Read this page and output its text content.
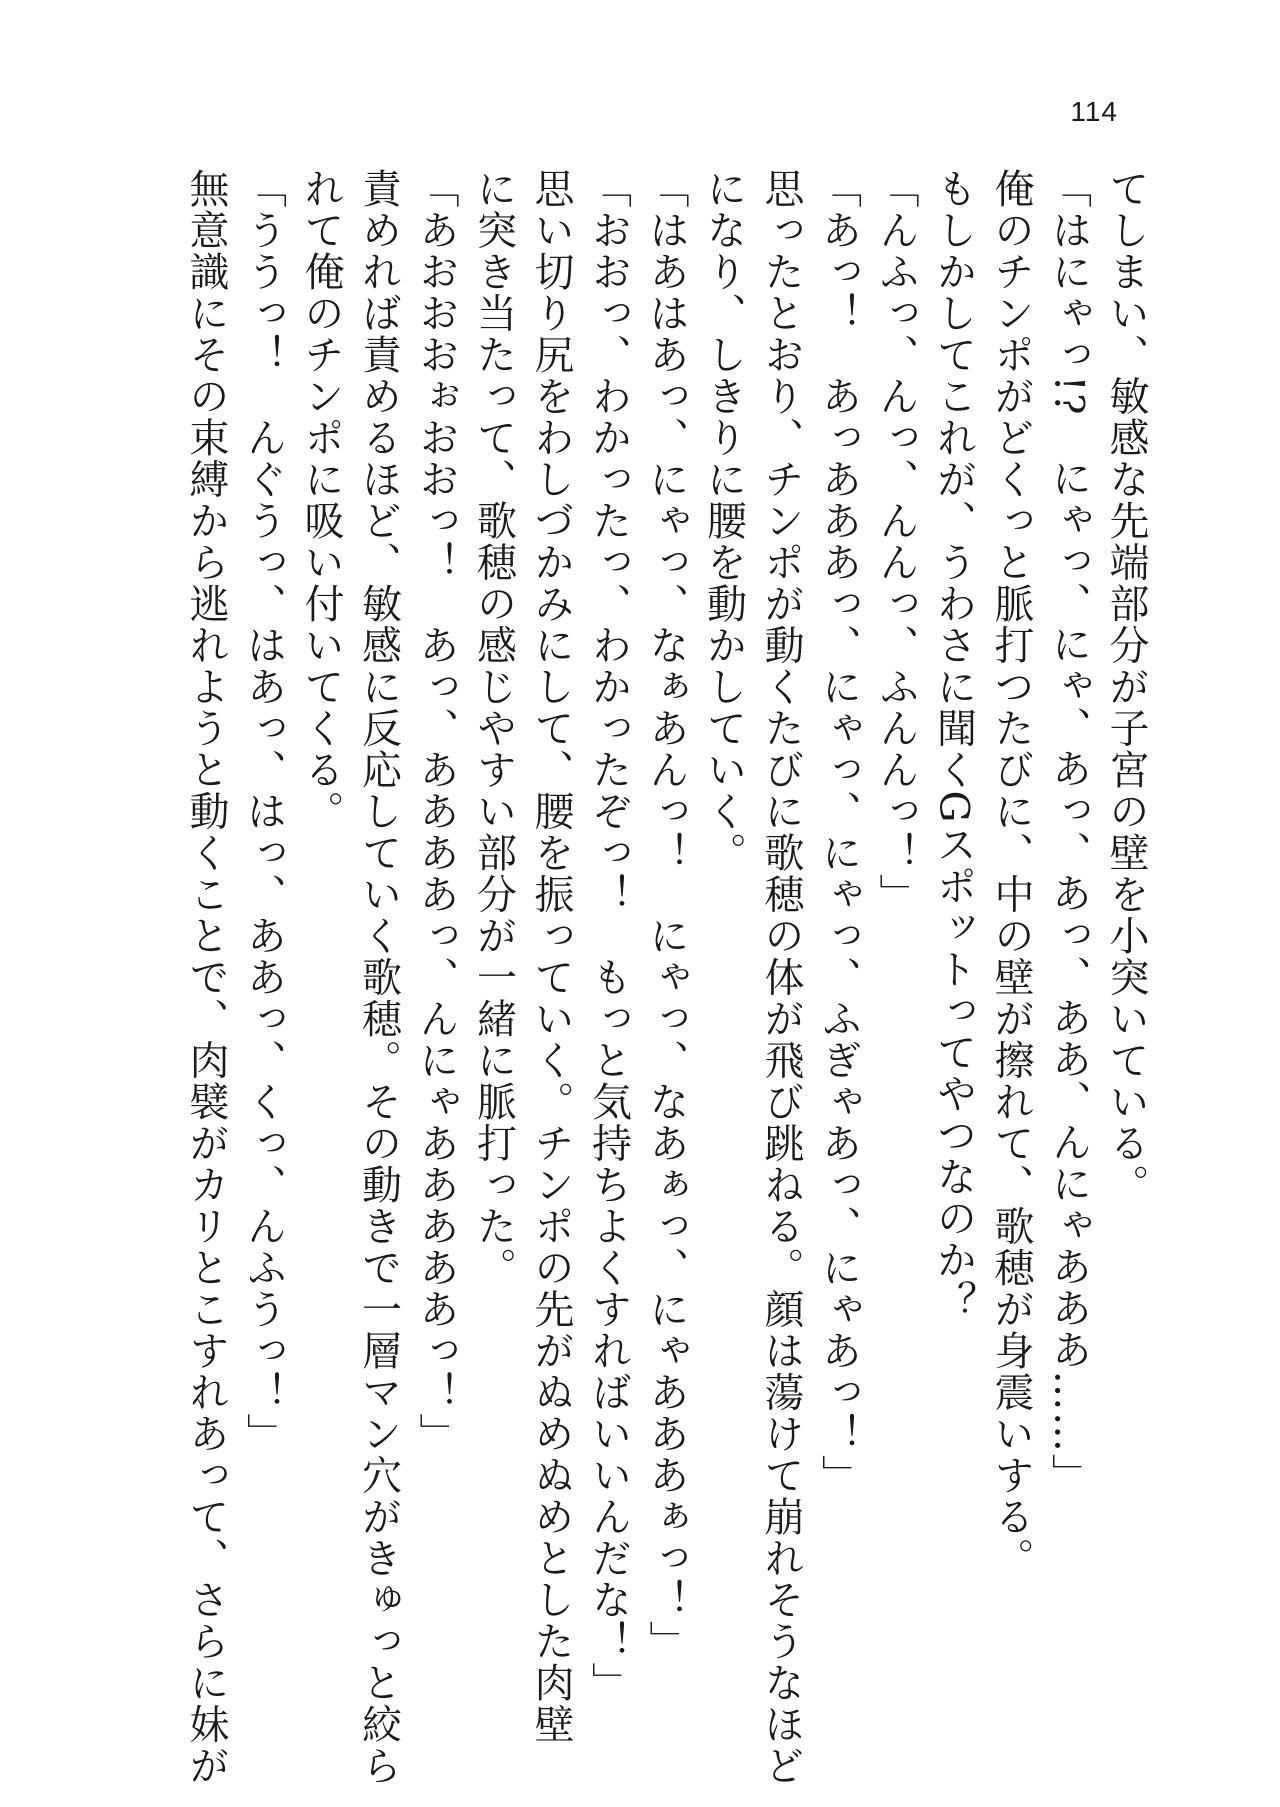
114

てしまい、敏感な先端部分が子宮の壁を小突いている。

「はにゃっ!?　にゃっ、にゃ、あっ、あっ、ああ、んにゃあああ……」

俺のチンポがどくっと脈打つたびに、中の壁が擦れて、歌穂が身震いする。

もしかしてこれが、うわさに聞くGスポットってやつなのか？

「んふっ、んっ、んんっ、ふんんっ！」

「あっ！　あっあああっ、にゃっ、にゃっ、ふぎゃあっ、にゃあっ！」

思ったとおり、チンポが動くたびに歌穂の体が飛び跳ねる。顔は蕩けて崩れそうなほど

になり、しきりに腰を動かしていく。

「はあはあっ、にゃっ、なぁあんっ！　にゃっ、なあぁっ、にゃあああぁっ！」

「おおっ、わかったっ、わかったぞっ！　もっと気持ちよくすればいいんだな！」

思い切り尻をわしづかみにして、腰を振っていく。チンポの先がぬめぬめとした肉壁

に突き当たって、歌穂の感じやすい部分が一緒に脈打った。

「あおおおぉおおっ！　あっ、ああああっ、んにゃあああああっ！」

責めれば責めるほど、敏感に反応していく歌穂。その動きで一層マン穴がきゅっと絞ら

れて俺のチンポに吸い付いてくる。

「ううっ！　んぐうっ、はあっ、はっ、ああっ、くっ、んふうっ！」

無意識にその束縛から逃れようと動くことで、肉襞がカリとこすれあって、さらに妹が
